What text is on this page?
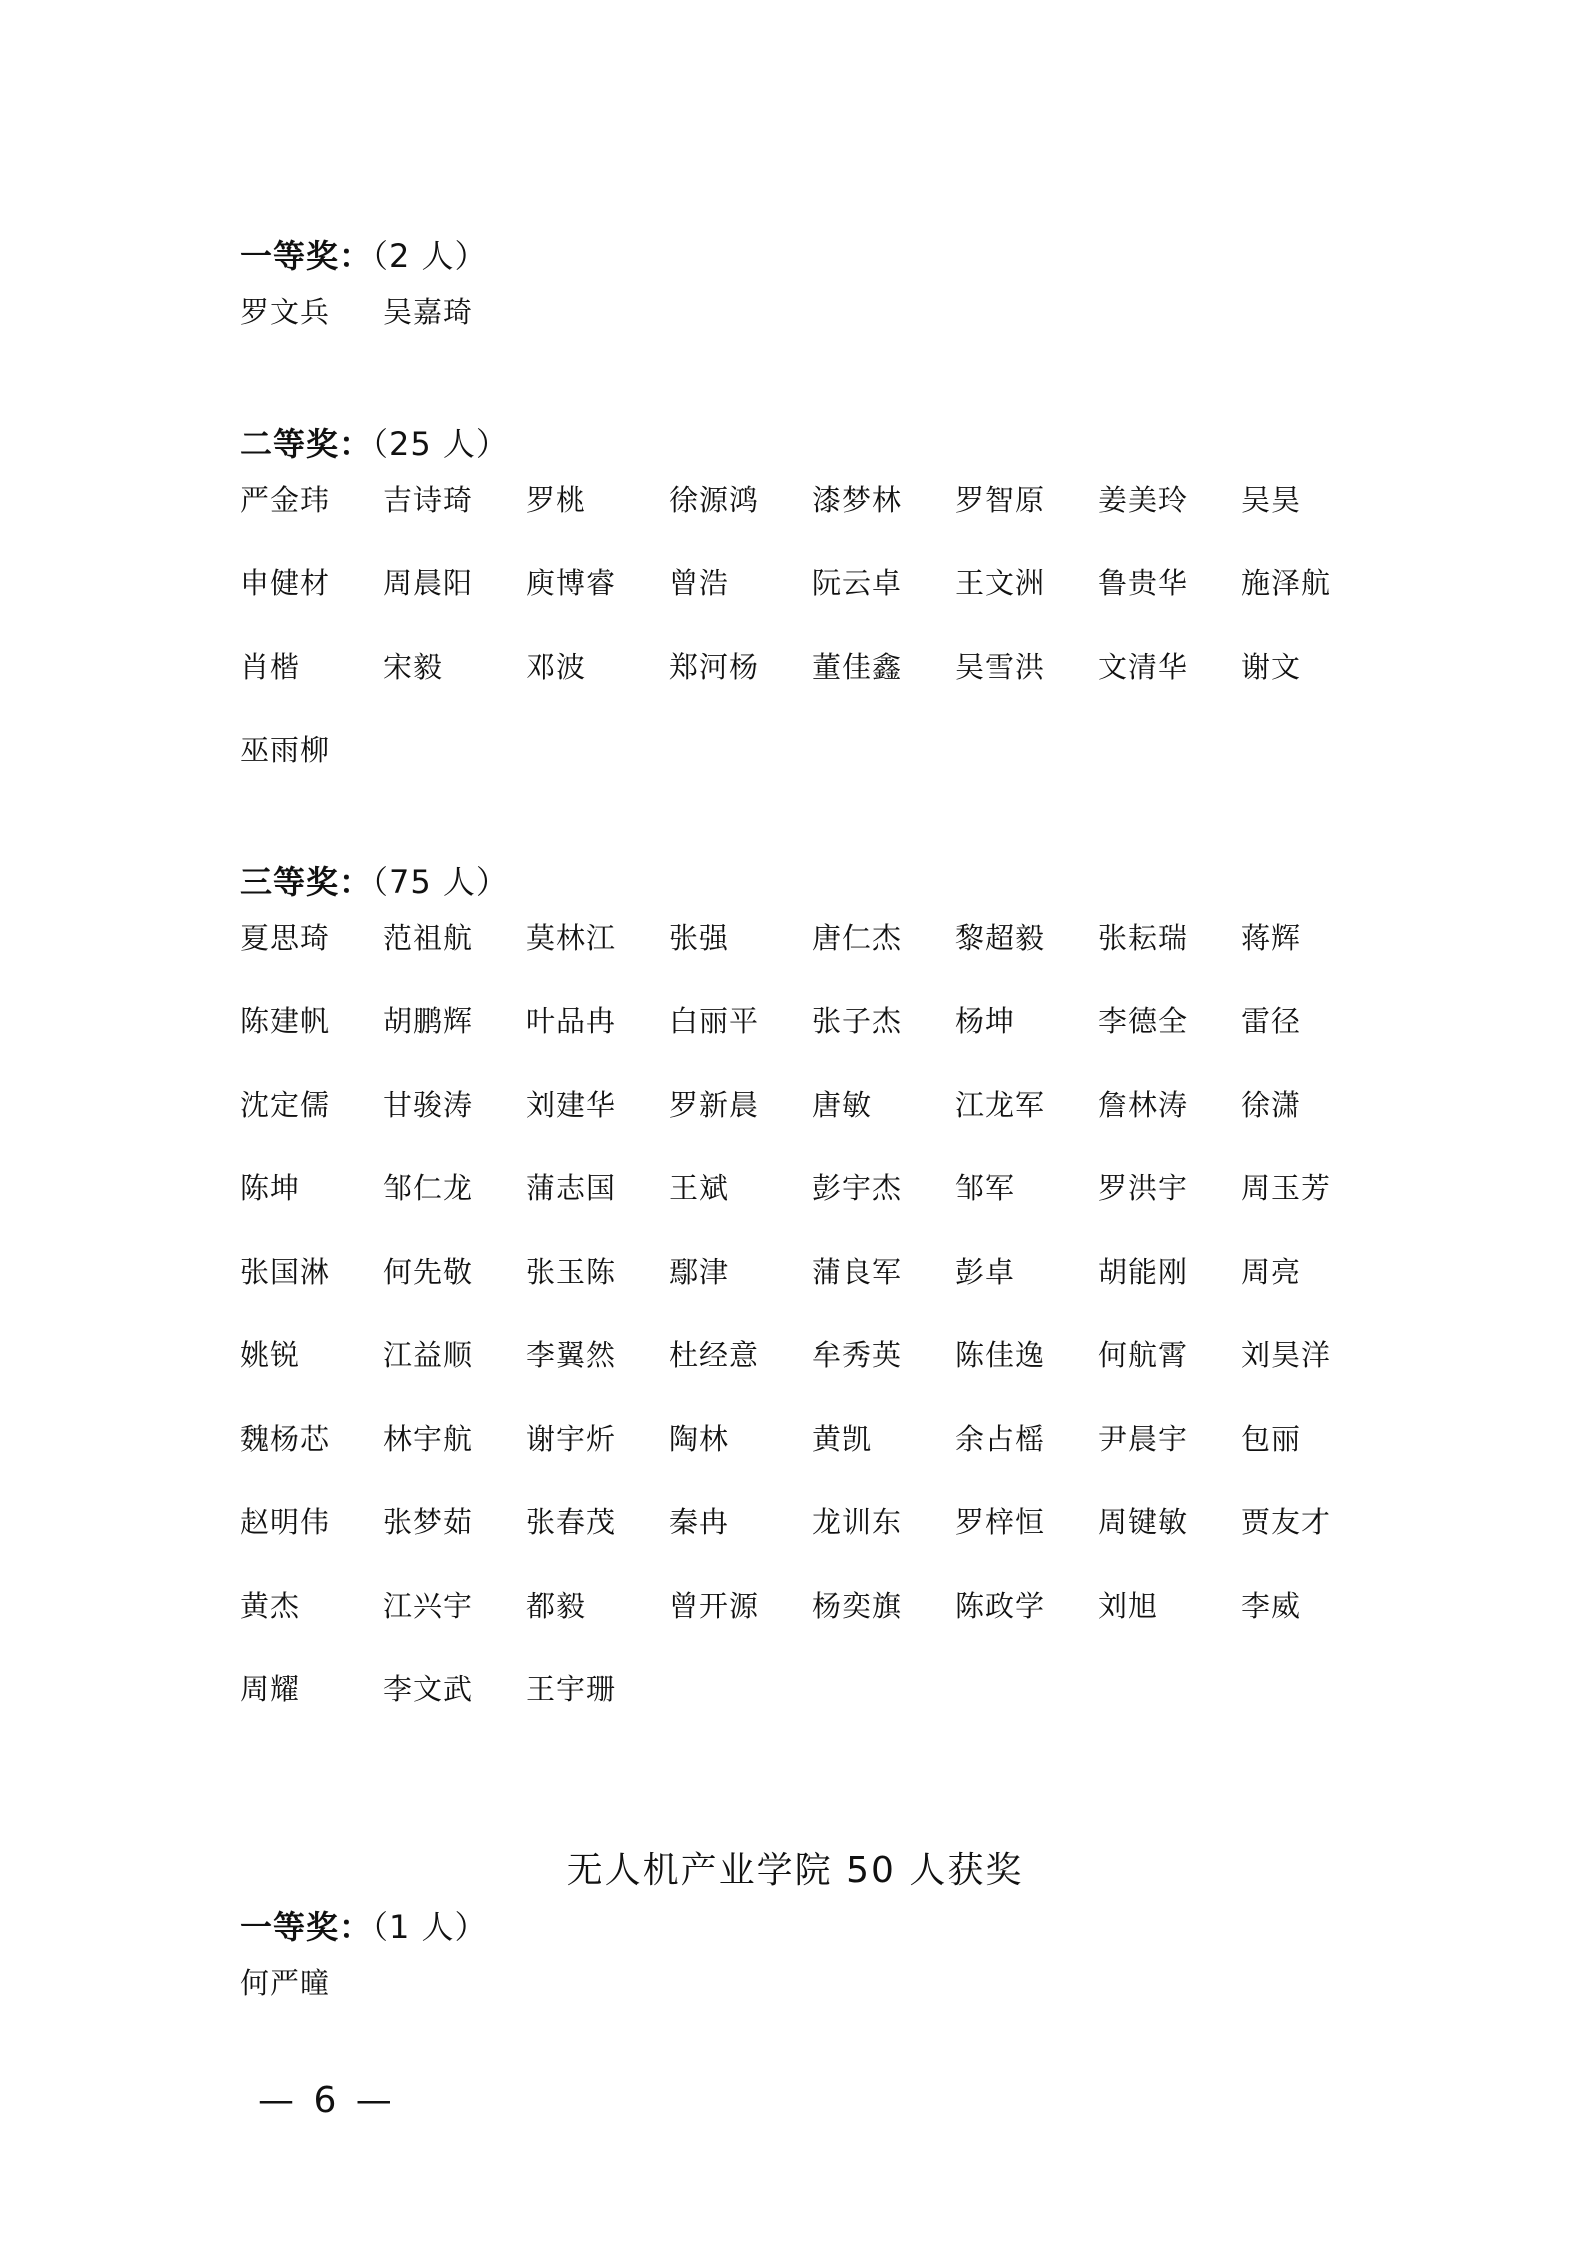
一等奖：（2 人）
罗文兵	吴嘉琦
二等奖：（25 人）
严金玮	吉诗琦	罗桃	徐源鸿	漆梦林	罗智原	姜美玲	吴昊
申健材	周晨阳	庾博睿	曾浩	阮云卓	王文洲	鲁贵华	施泽航
肖楷	宋毅	邓波	郑河杨	董佳鑫	吴雪洪	文清华	谢文
巫雨柳
三等奖：（75 人）
夏思琦	范祖航	莫林江	张强	唐仁杰	黎超毅	张耘瑞	蒋辉
陈建帆	胡鹏辉	叶品冉	白丽平	张子杰	杨坤	李德全	雷径
沈定儒	甘骏涛	刘建华	罗新晨	唐敏	江龙军	詹林涛	徐潇
陈坤	邹仁龙	蒲志国	王斌	彭宇杰	邹军	罗洪宇	周玉芳
张国淋	何先敬	张玉陈	鄢津	蒲良军	彭卓	胡能刚	周亮
姚锐	江益顺	李翼然	杜经意	牟秀英	陈佳逸	何航霄	刘昊洋
魏杨芯	林宇航	谢宇炘	陶林	黄凯	余占榣	尹晨宇	包丽
赵明伟	张梦茹	张春茂	秦冉	龙训东	罗梓恒	周键敏	贾友才
黄杰	江兴宇	都毅	曾开源	杨奕旗	陈政学	刘旭	李威
周耀	李文武	王宇珊
无人机产业学院 50 人获奖
一等奖：（1 人）
何严曈
— 6 —
